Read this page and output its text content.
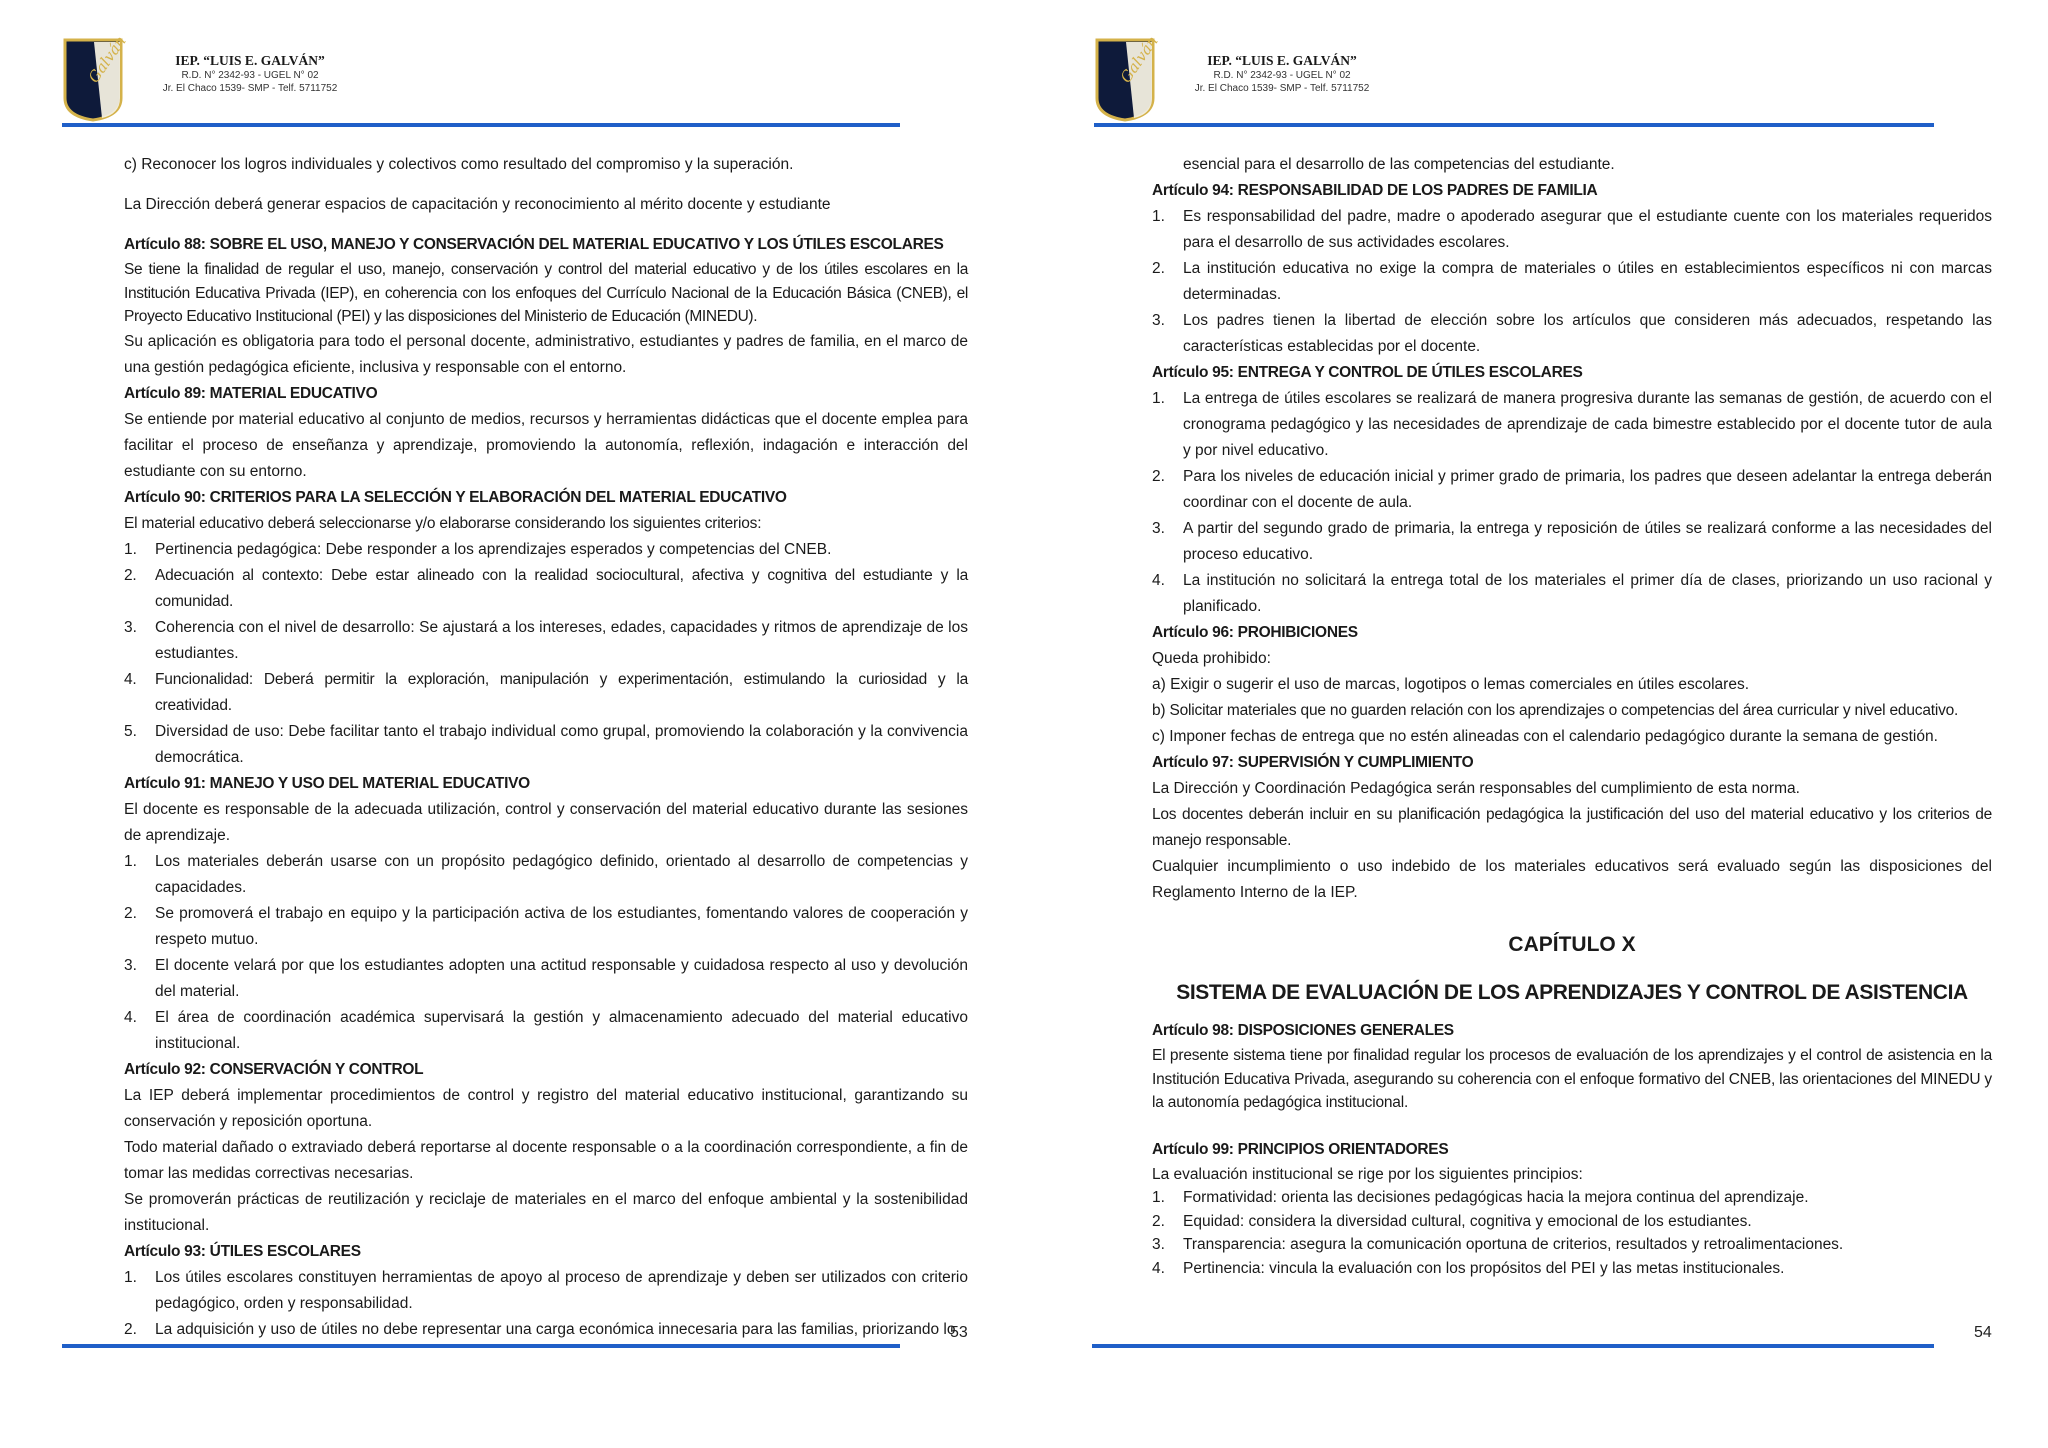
Galván	IEP. “LUIS E. GALVÁN”
R.D. N° 2342-93 - UGEL N° 02
Jr. El Chaco 1539- SMP - Telf. 5711752

c) Reconocer los logros individuales y colectivos como resultado del compromiso y la superación.

La Dirección deberá generar espacios de capacitación y reconocimiento al mérito docente y estudiante

Artículo 88: SOBRE EL USO, MANEJO Y CONSERVACIÓN DEL MATERIAL EDUCATIVO Y LOS ÚTILES ESCOLARES

Se tiene la finalidad de regular el uso, manejo, conservación y control del material educativo y de los útiles escolares en la Institución Educativa Privada (IEP), en coherencia con los enfoques del Currículo Nacional de la Educación Básica (CNEB), el Proyecto Educativo Institucional (PEI) y las disposiciones del Ministerio de Educación (MINEDU).

Su aplicación es obligatoria para todo el personal docente, administrativo, estudiantes y padres de familia, en el marco de una gestión pedagógica eficiente, inclusiva y responsable con el entorno.

Artículo 89: MATERIAL EDUCATIVO

Se entiende por material educativo al conjunto de medios, recursos y herramientas didácticas que el docente emplea para facilitar el proceso de enseñanza y aprendizaje, promoviendo la autonomía, reflexión, indagación e interacción del estudiante con su entorno.

Artículo 90: CRITERIOS PARA LA SELECCIÓN Y ELABORACIÓN DEL MATERIAL EDUCATIVO

El material educativo deberá seleccionarse y/o elaborarse considerando los siguientes criterios:

1. Pertinencia pedagógica: Debe responder a los aprendizajes esperados y competencias del CNEB.
2. Adecuación al contexto: Debe estar alineado con la realidad sociocultural, afectiva y cognitiva del estudiante y la comunidad.
3. Coherencia con el nivel de desarrollo: Se ajustará a los intereses, edades, capacidades y ritmos de aprendizaje de los estudiantes.
4. Funcionalidad: Deberá permitir la exploración, manipulación y experimentación, estimulando la curiosidad y la creatividad.
5. Diversidad de uso: Debe facilitar tanto el trabajo individual como grupal, promoviendo la colaboración y la convivencia democrática.

Artículo 91: MANEJO Y USO DEL MATERIAL EDUCATIVO

El docente es responsable de la adecuada utilización, control y conservación del material educativo durante las sesiones de aprendizaje.

1. Los materiales deberán usarse con un propósito pedagógico definido, orientado al desarrollo de competencias y capacidades.
2. Se promoverá el trabajo en equipo y la participación activa de los estudiantes, fomentando valores de cooperación y respeto mutuo.
3. El docente velará por que los estudiantes adopten una actitud responsable y cuidadosa respecto al uso y devolución del material.
4. El área de coordinación académica supervisará la gestión y almacenamiento adecuado del material educativo institucional.

Artículo 92: CONSERVACIÓN Y CONTROL

La IEP deberá implementar procedimientos de control y registro del material educativo institucional, garantizando su conservación y reposición oportuna.

Todo material dañado o extraviado deberá reportarse al docente responsable o a la coordinación correspondiente, a fin de tomar las medidas correctivas necesarias.

Se promoverán prácticas de reutilización y reciclaje de materiales en el marco del enfoque ambiental y la sostenibilidad institucional.

Artículo 93: ÚTILES ESCOLARES

1. Los útiles escolares constituyen herramientas de apoyo al proceso de aprendizaje y deben ser utilizados con criterio pedagógico, orden y responsabilidad.
2. La adquisición y uso de útiles no debe representar una carga económica innecesaria para las familias, priorizando lo
53
Galván	IEP. “LUIS E. GALVÁN”
R.D. N° 2342-93 - UGEL N° 02
Jr. El Chaco 1539- SMP - Telf. 5711752

esencial para el desarrollo de las competencias del estudiante.

Artículo 94: RESPONSABILIDAD DE LOS PADRES DE FAMILIA

1. Es responsabilidad del padre, madre o apoderado asegurar que el estudiante cuente con los materiales requeridos para el desarrollo de sus actividades escolares.
2. La institución educativa no exige la compra de materiales o útiles en establecimientos específicos ni con marcas determinadas.
3. Los padres tienen la libertad de elección sobre los artículos que consideren más adecuados, respetando las características establecidas por el docente.

Artículo 95: ENTREGA Y CONTROL DE ÚTILES ESCOLARES

1. La entrega de útiles escolares se realizará de manera progresiva durante las semanas de gestión, de acuerdo con el cronograma pedagógico y las necesidades de aprendizaje de cada bimestre establecido por el docente tutor de aula y por nivel educativo.
2. Para los niveles de educación inicial y primer grado de primaria, los padres que deseen adelantar la entrega deberán coordinar con el docente de aula.
3. A partir del segundo grado de primaria, la entrega y reposición de útiles se realizará conforme a las necesidades del proceso educativo.
4. La institución no solicitará la entrega total de los materiales el primer día de clases, priorizando un uso racional y planificado.

Artículo 96: PROHIBICIONES

Queda prohibido:

a) Exigir o sugerir el uso de marcas, logotipos o lemas comerciales en útiles escolares.

b) Solicitar materiales que no guarden relación con los aprendizajes o competencias del área curricular y nivel educativo.

c) Imponer fechas de entrega que no estén alineadas con el calendario pedagógico durante la semana de gestión.

Artículo 97: SUPERVISIÓN Y CUMPLIMIENTO

La Dirección y Coordinación Pedagógica serán responsables del cumplimiento de esta norma.

Los docentes deberán incluir en su planificación pedagógica la justificación del uso del material educativo y los criterios de manejo responsable.

Cualquier incumplimiento o uso indebido de los materiales educativos será evaluado según las disposiciones del Reglamento Interno de la IEP.

CAPÍTULO X

SISTEMA DE EVALUACIÓN DE LOS APRENDIZAJES Y CONTROL DE ASISTENCIA

Artículo 98: DISPOSICIONES GENERALES

El presente sistema tiene por finalidad regular los procesos de evaluación de los aprendizajes y el control de asistencia en la Institución Educativa Privada, asegurando su coherencia con el enfoque formativo del CNEB, las orientaciones del MINEDU y la autonomía pedagógica institucional.

Artículo 99: PRINCIPIOS ORIENTADORES

La evaluación institucional se rige por los siguientes principios:

1. Formatividad: orienta las decisiones pedagógicas hacia la mejora continua del aprendizaje.
2. Equidad: considera la diversidad cultural, cognitiva y emocional de los estudiantes.
3. Transparencia: asegura la comunicación oportuna de criterios, resultados y retroalimentaciones.
4. Pertinencia: vincula la evaluación con los propósitos del PEI y las metas institucionales.
54
